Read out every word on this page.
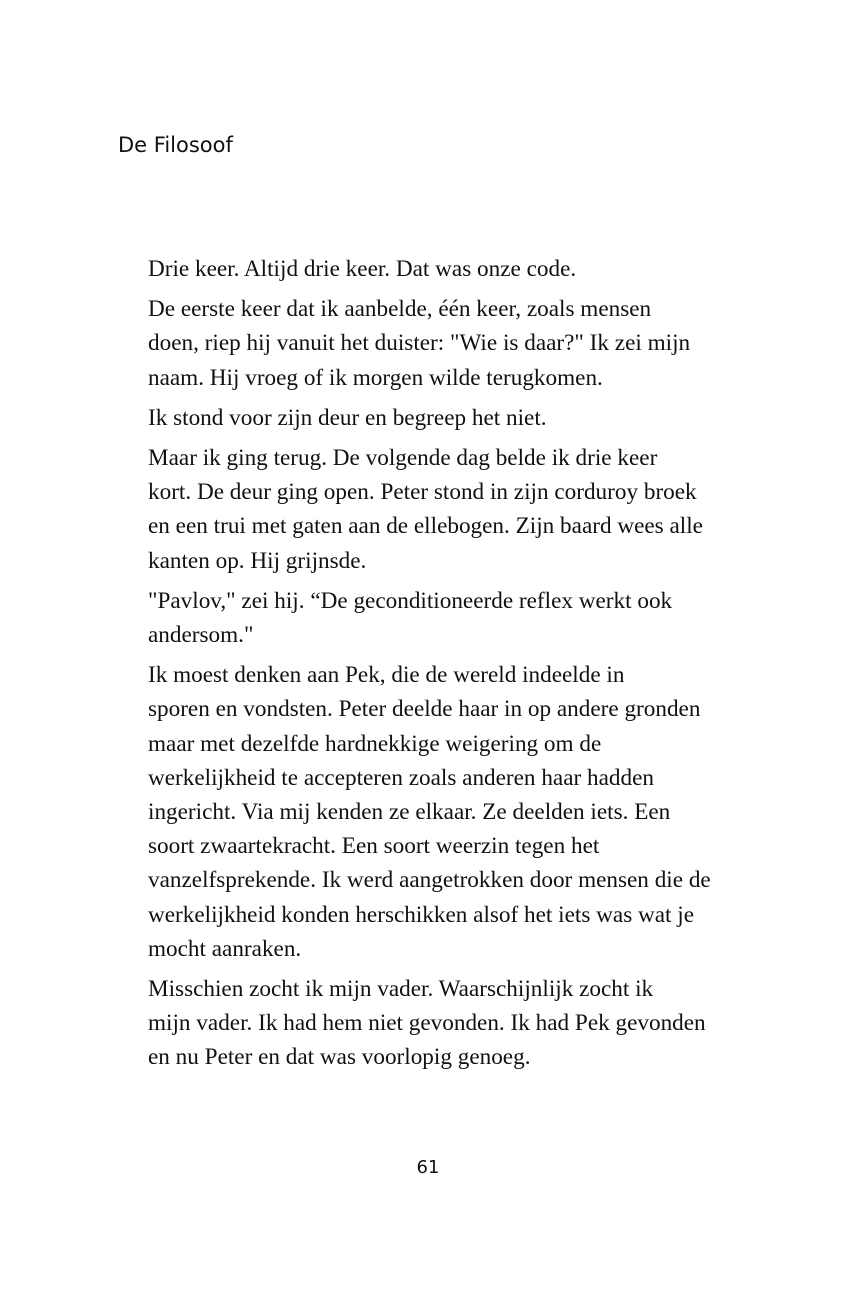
De Filosoof

Drie keer. Altijd drie keer. Dat was onze code.

De eerste keer dat ik aanbelde, één keer, zoals mensen
doen, riep hij vanuit het duister: "Wie is daar?" Ik zei mijn
naam. Hij vroeg of ik morgen wilde terugkomen.

Ik stond voor zijn deur en begreep het niet.

Maar ik ging terug. De volgende dag belde ik drie keer
kort. De deur ging open. Peter stond in zijn corduroy broek
en een trui met gaten aan de ellebogen. Zijn baard wees alle
kanten op. Hij grijnsde.

"Pavlov," zei hij. “De geconditioneerde reflex werkt ook
andersom."

Ik moest denken aan Pek, die de wereld indeelde in
sporen en vondsten. Peter deelde haar in op andere gronden
maar met dezelfde hardnekkige weigering om de
werkelijkheid te accepteren zoals anderen haar hadden
ingericht. Via mij kenden ze elkaar. Ze deelden iets. Een
soort zwaartekracht. Een soort weerzin tegen het
vanzelfsprekende. Ik werd aangetrokken door mensen die de
werkelijkheid konden herschikken alsof het iets was wat je
mocht aanraken.

Misschien zocht ik mijn vader. Waarschijnlijk zocht ik
mijn vader. Ik had hem niet gevonden. Ik had Pek gevonden
en nu Peter en dat was voorlopig genoeg.

61
